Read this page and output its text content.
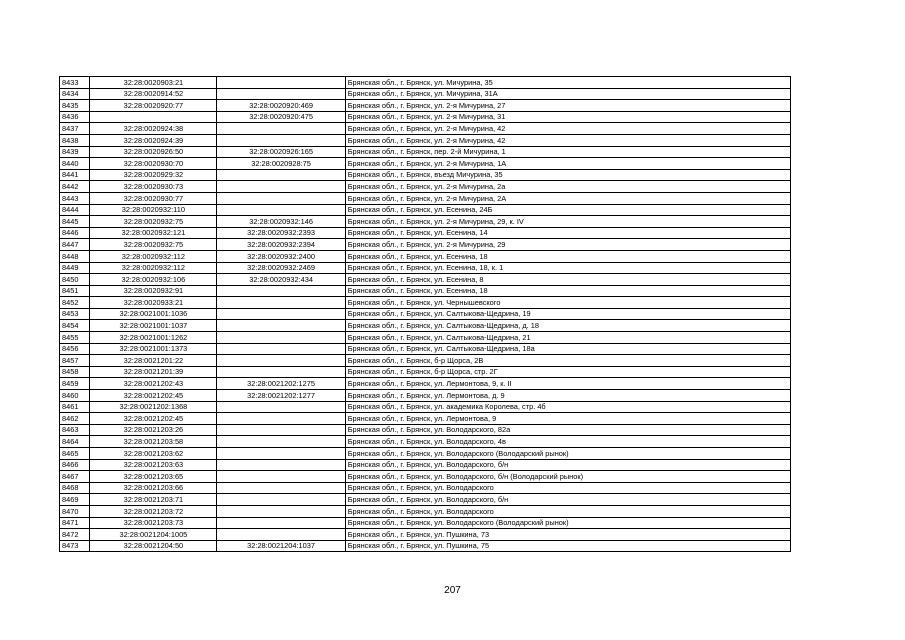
8433	32:28:0020903:21		Брянская обл., г. Брянск, ул. Мичурина, 35
8434	32:28:0020914:52		Брянская обл., г. Брянск, ул. Мичурина, 31А
8435	32:28:0020920:77	32:28:0020920:469	Брянская обл., г. Брянск, ул. 2-я Мичурина, 27
8436		32:28:0020920:475	Брянская обл., г. Брянск, ул. 2-я Мичурина, 31
8437	32:28:0020924:38		Брянская обл., г. Брянск, ул. 2-я Мичурина, 42
8438	32:28:0020924:39		Брянская обл., г. Брянск, ул. 2-я Мичурина, 42
8439	32:28:0020926:50	32:28:0020926:165	Брянская обл., г. Брянск, пер. 2-й Мичурина, 1
8440	32:28:0020930:70	32:28:0020928:75	Брянская обл., г. Брянск, ул. 2-я Мичурина, 1А
8441	32:28:0020929:32		Брянская обл., г. Брянск, въезд Мичурина, 35
8442	32:28:0020930:73		Брянская обл., г. Брянск, ул. 2-я Мичурина, 2а
8443	32:28:0020930:77		Брянская обл., г. Брянск, ул. 2-я Мичурина, 2А
8444	32:28:0020932:110		Брянская обл., г. Брянск, ул. Есенина, 24Б
8445	32:28:0020932:75	32:28:0020932:146	Брянская обл., г. Брянск, ул. 2-я Мичурина, 29, к. IV
8446	32:28:0020932:121	32:28:0020932:2393	Брянская обл., г. Брянск, ул. Есенина, 14
8447	32:28:0020932:75	32:28:0020932:2394	Брянская обл., г. Брянск, ул. 2-я Мичурина, 29
8448	32:28:0020932:112	32:28:0020932:2400	Брянская обл., г. Брянск, ул. Есенина, 18
8449	32:28:0020932:112	32:28:0020932:2469	Брянская обл., г. Брянск, ул. Есенина, 18, к. 1
8450	32:28:0020932:106	32:28:0020932:434	Брянская обл., г. Брянск, ул. Есенина, 8
8451	32:28:0020932:91		Брянская обл., г. Брянск, ул. Есенина, 18
8452	32:28:0020933:21		Брянская обл., г. Брянск, ул. Чернышевского
8453	32:28:0021001:1036		Брянская обл., г. Брянск, ул. Салтыкова-Щедрина, 19
8454	32:28:0021001:1037		Брянская обл., г. Брянск, ул. Салтыкова-Щедрина, д. 18
8455	32:28:0021001:1262		Брянская обл., г. Брянск, ул. Салтыкова-Щедрина, 21
8456	32:28:0021001:1373		Брянская обл., г. Брянск, ул. Салтыкова-Щедрина, 18а
8457	32:28:0021201:22		Брянская обл., г. Брянск, б-р Щорса, 2В
8458	32:28:0021201:39		Брянская обл., г. Брянск, б-р Щорса, стр. 2Г
8459	32:28:0021202:43	32:28:0021202:1275	Брянская обл., г. Брянск, ул. Лермонтова, 9, к. II
8460	32:28:0021202:45	32:28:0021202:1277	Брянская обл., г. Брянск, ул. Лермонтова, д. 9
8461	32:28:0021202:1368		Брянская обл., г. Брянск, ул. академика Королева, стр. 4б
8462	32:28:0021202:45		Брянская обл., г. Брянск, ул. Лермонтова, 9
8463	32:28:0021203:26		Брянская обл., г. Брянск, ул. Володарского, 82а
8464	32:28:0021203:58		Брянская обл., г. Брянск, ул. Володарского, 4в
8465	32:28:0021203:62		Брянская обл., г. Брянск, ул. Володарского (Володарский рынок)
8466	32:28:0021203:63		Брянская обл., г. Брянск, ул. Володарского, б/н
8467	32:28:0021203:65		Брянская обл., г. Брянск, ул. Володарского, б/н (Володарский рынок)
8468	32:28:0021203:66		Брянская обл., г. Брянск, ул. Володарского
8469	32:28:0021203:71		Брянская обл., г. Брянск, ул. Володарского, б/н
8470	32:28:0021203:72		Брянская обл., г. Брянск, ул. Володарского
8471	32:28:0021203:73		Брянская обл., г. Брянск, ул. Володарского (Володарский рынок)
8472	32:28:0021204:1005		Брянская обл., г. Брянск, ул. Пушкина, 73
8473	32:28:0021204:50	32:28:0021204:1037	Брянская обл., г. Брянск, ул. Пушкина, 75
207
